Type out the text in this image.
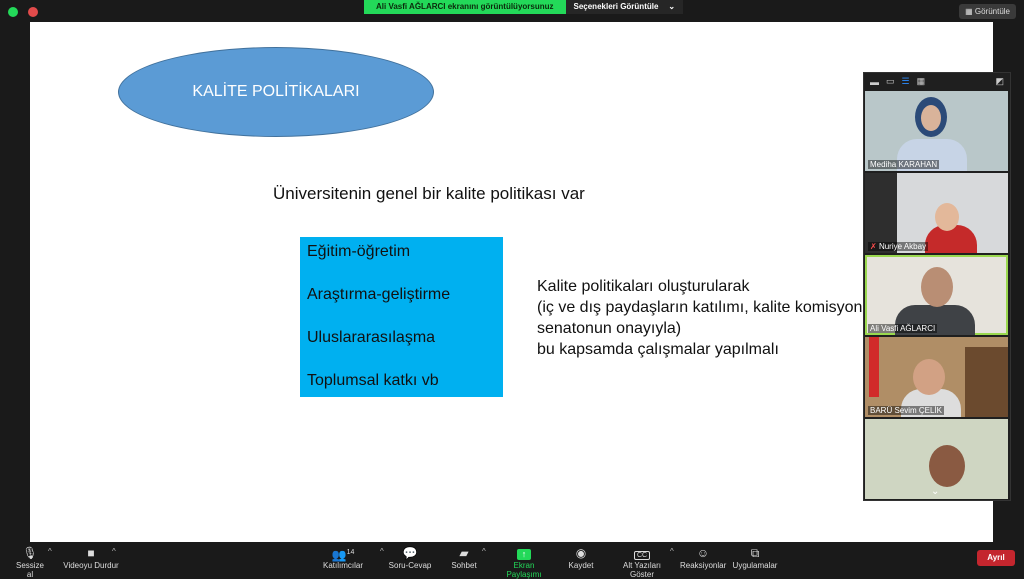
Ali Vasfi AĞLARCI ekranını görüntülüyorsunuz	Seçenekleri Görüntüle ⌄
▦ Görüntüle
KALİTE POLİTİKALARI
Üniversitenin genel bir kalite politikası var
Eğitim-öğretim
Araştırma-geliştirme
Uluslararasılaşma
Toplumsal katkı vb
Kalite politikaları oluşturularak
(iç ve dış paydaşların katılımı, kalite komisyon
senatonun onayıyla)
bu kapsamda çalışmalar yapılmalı
▬ ▭ ☰ ▦	◩
Mediha KARAHAN
✗ Nuriye Akbay
Ali Vasfi AĞLARCI
BARÜ Sevim ÇELİK
⌄
🎙
Sessize al
^	■
Videoyu Durdur
^	👥$^{14}$
Katılımcılar
^	💬
Soru-Cevap
▰
Sohbet
^	↑
Ekran Paylaşımı
◉
Kaydet
CC
Alt Yazıları Göster
^	☺
Reaksiyonlar
⧉
Uygulamalar
Ayrıl
